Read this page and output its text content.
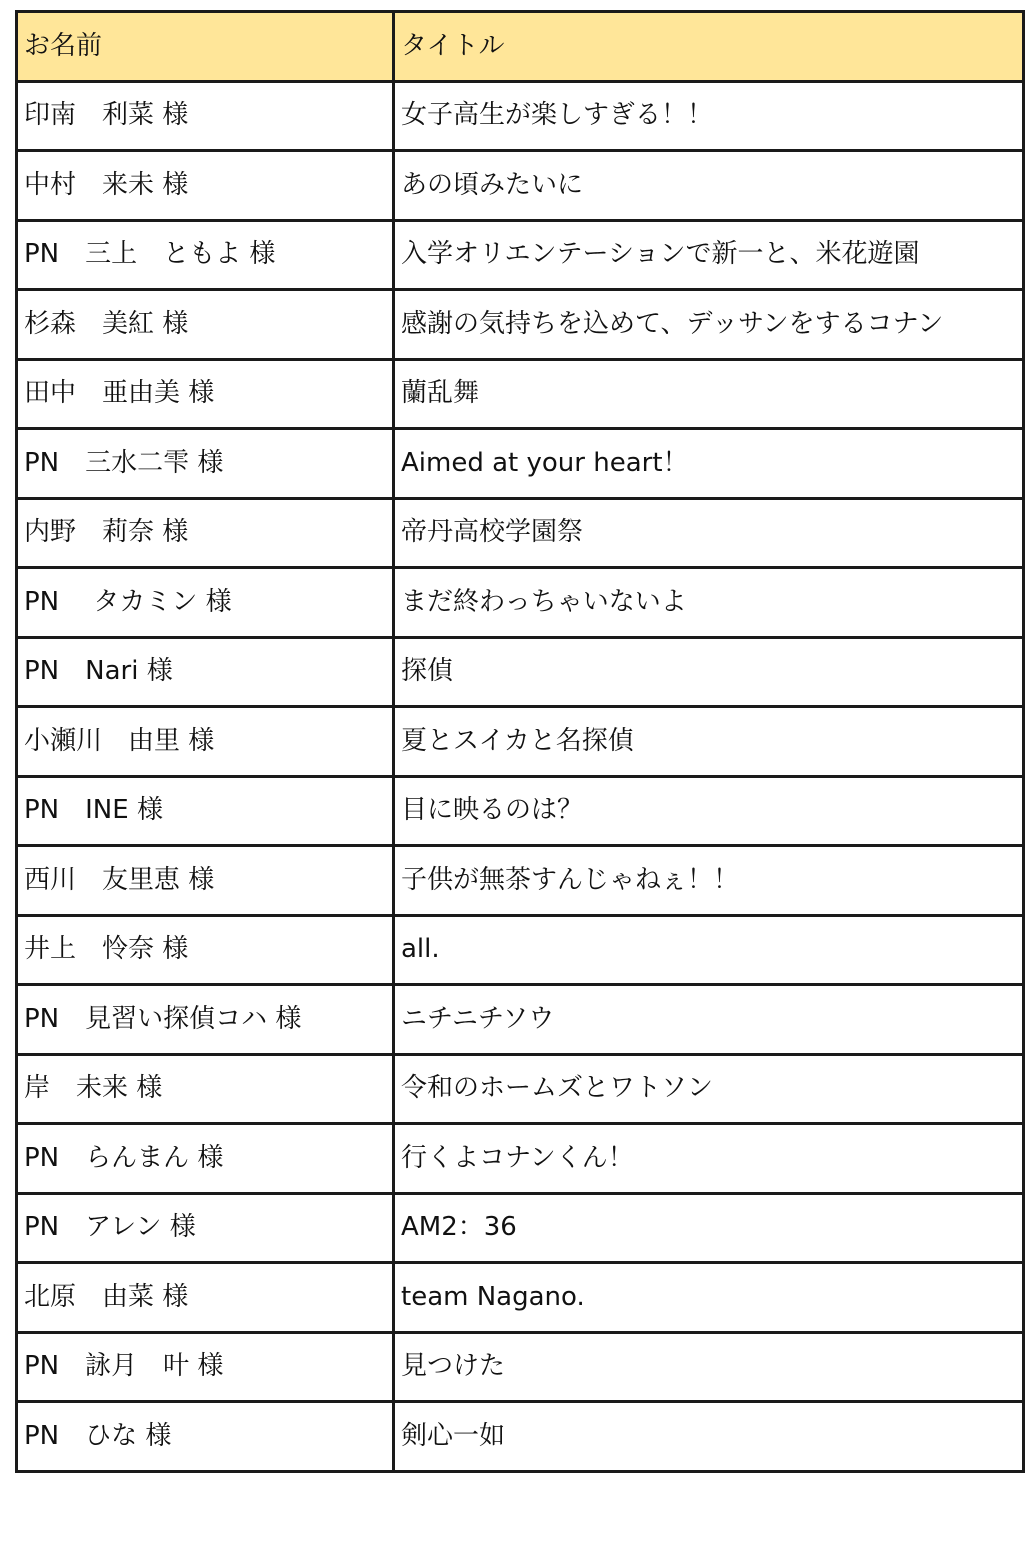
お名前	タイトル
印南　利菜 様	女子高生が楽しすぎる！！
中村　来未 様	あの頃みたいに
PN　三上　ともよ 様	入学オリエンテーションで新一と、米花遊園
杉森　美紅 様	感謝の気持ちを込めて、デッサンをするコナン
田中　亜由美 様	蘭乱舞
PN　三水二雫 様	Aimed at your heart！
内野　莉奈 様	帝丹高校学園祭
PN　 タカミン 様	まだ終わっちゃいないよ
PN　Nari 様	探偵
小瀬川　由里 様	夏とスイカと名探偵
PN　INE 様	目に映るのは？
西川　友里恵 様	子供が無茶すんじゃねぇ！！
井上　怜奈 様	all.
PN　見習い探偵コハ 様	ニチニチソウ
岸　未来 様	令和のホームズとワトソン
PN　らんまん 様	行くよコナンくん！
PN　アレン 様	AM2：36
北原　由菜 様	team Nagano.
PN　詠月　叶 様	見つけた
PN　ひな 様	剣心一如
